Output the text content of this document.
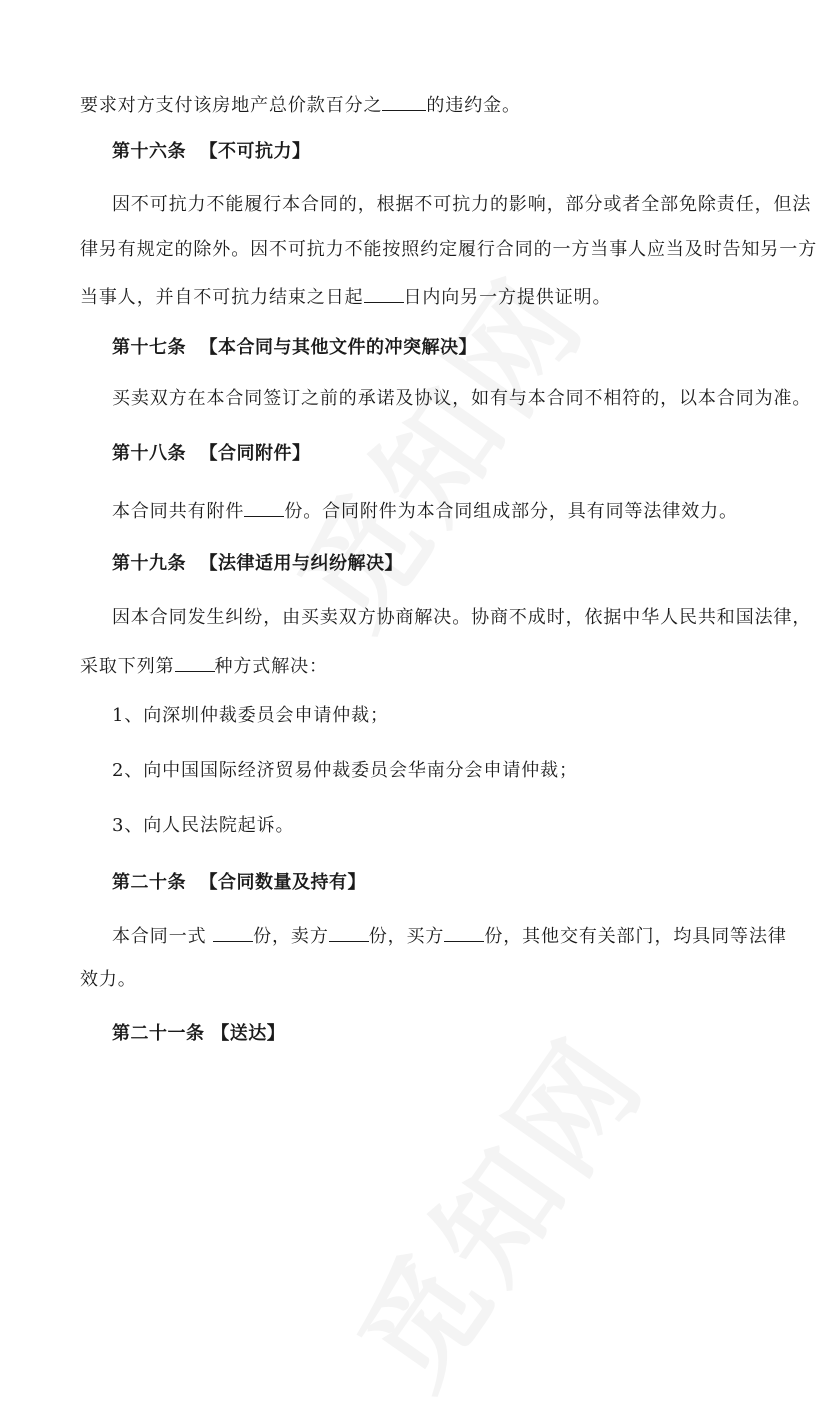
要求对方支付该房地产总价款百分之 的违约金。
第十六条 【不可抗力】
因不可抗力不能履行本合同的，根据不可抗力的影响，部分或者全部免除责任，但法
律另有规定的除外。因不可抗力不能按照约定履行合同的一方当事人应当及时告知另一方
当事人，并自不可抗力结束之日起 日内向另一方提供证明。
第十七条 【本合同与其他文件的冲突解决】
买卖双方在本合同签订之前的承诺及协议，如有与本合同不相符的，以本合同为准。
第十八条 【合同附件】
本合同共有附件 份。合同附件为本合同组成部分，具有同等法律效力。
第十九条 【法律适用与纠纷解决】
因本合同发生纠纷，由买卖双方协商解决。协商不成时，依据中华人民共和国法律，
采取下列第 种方式解决：
1、向深圳仲裁委员会申请仲裁；
2、向中国国际经济贸易仲裁委员会华南分会申请仲裁；
3、向人民法院起诉。
第二十条 【合同数量及持有】
本合同一式 份，卖方 份，买方 份，其他交有关部门，均具同等法律
效力。
第二十一条 【送达】
